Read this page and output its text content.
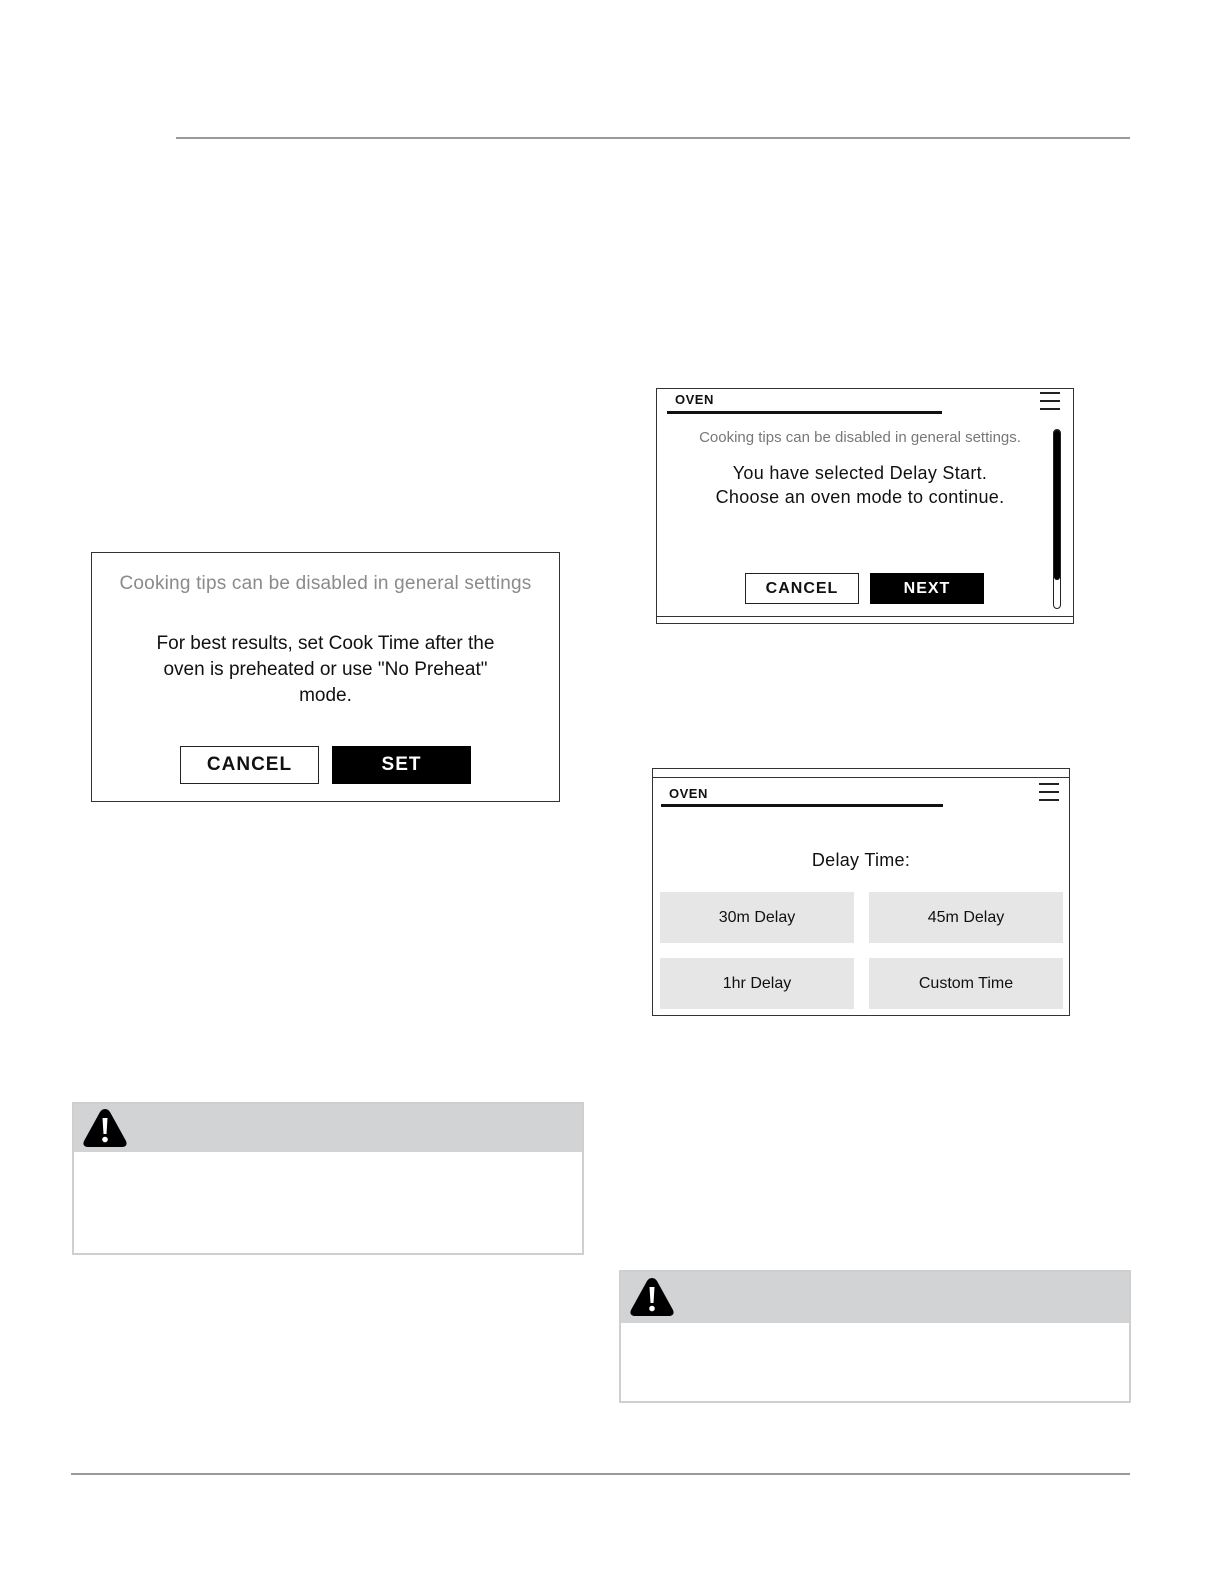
Cooking tips can be disabled in general settings
For best results, set Cook Time after the
oven is preheated or use "No Preheat"
mode.
CANCEL	SET
OVEN
Cooking tips can be disabled in general settings.
You have selected Delay Start.
Choose an oven mode to continue.
CANCEL	NEXT
OVEN
Delay Time:
30m Delay	45m Delay
1hr Delay	Custom Time
